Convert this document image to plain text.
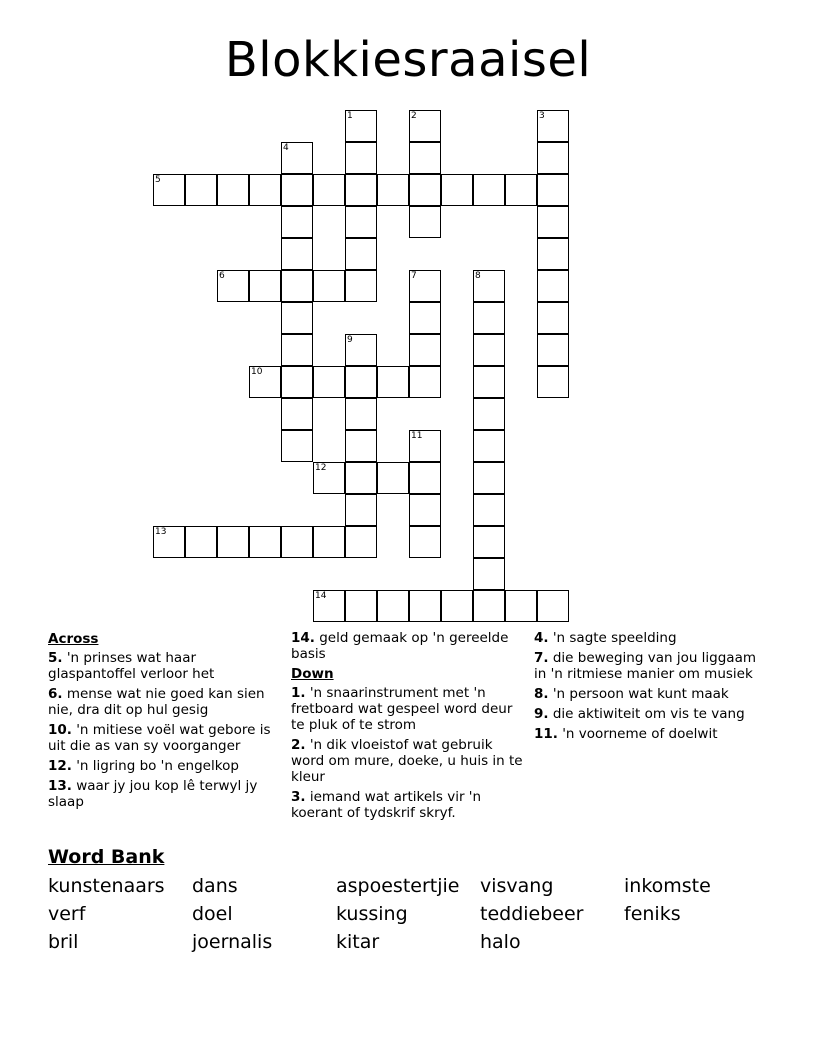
Blokkiesraaisel
1	2	3
4
5
6	7	8
9
10
11
12
13
14
Across
5. 'n prinses wat haar glaspantoffel verloor het
6. mense wat nie goed kan sien nie, dra dit op hul gesig
10. 'n mitiese voël wat gebore is uit die as van sy voorganger
12. 'n ligring bo 'n engelkop
13. waar jy jou kop lê terwyl jy slaap
14. geld gemaak op 'n gereelde basis
Down
1. 'n snaarinstrument met 'n fretboard wat gespeel word deur te pluk of te strom
2. 'n dik vloeistof wat gebruik word om mure, doeke, u huis in te kleur
3. iemand wat artikels vir 'n koerant of tydskrif skryf.
4. 'n sagte speelding
7. die beweging van jou liggaam in 'n ritmiese manier om musiek
8. 'n persoon wat kunt maak
9. die aktiwiteit om vis te vang
11. 'n voorneme of doelwit
Word Bank
kunstenaars dans	aspoestertjie visvang	inkomste
verf	doel	kussing	teddiebeer feniks
bril	joernalis	kitar	halo
